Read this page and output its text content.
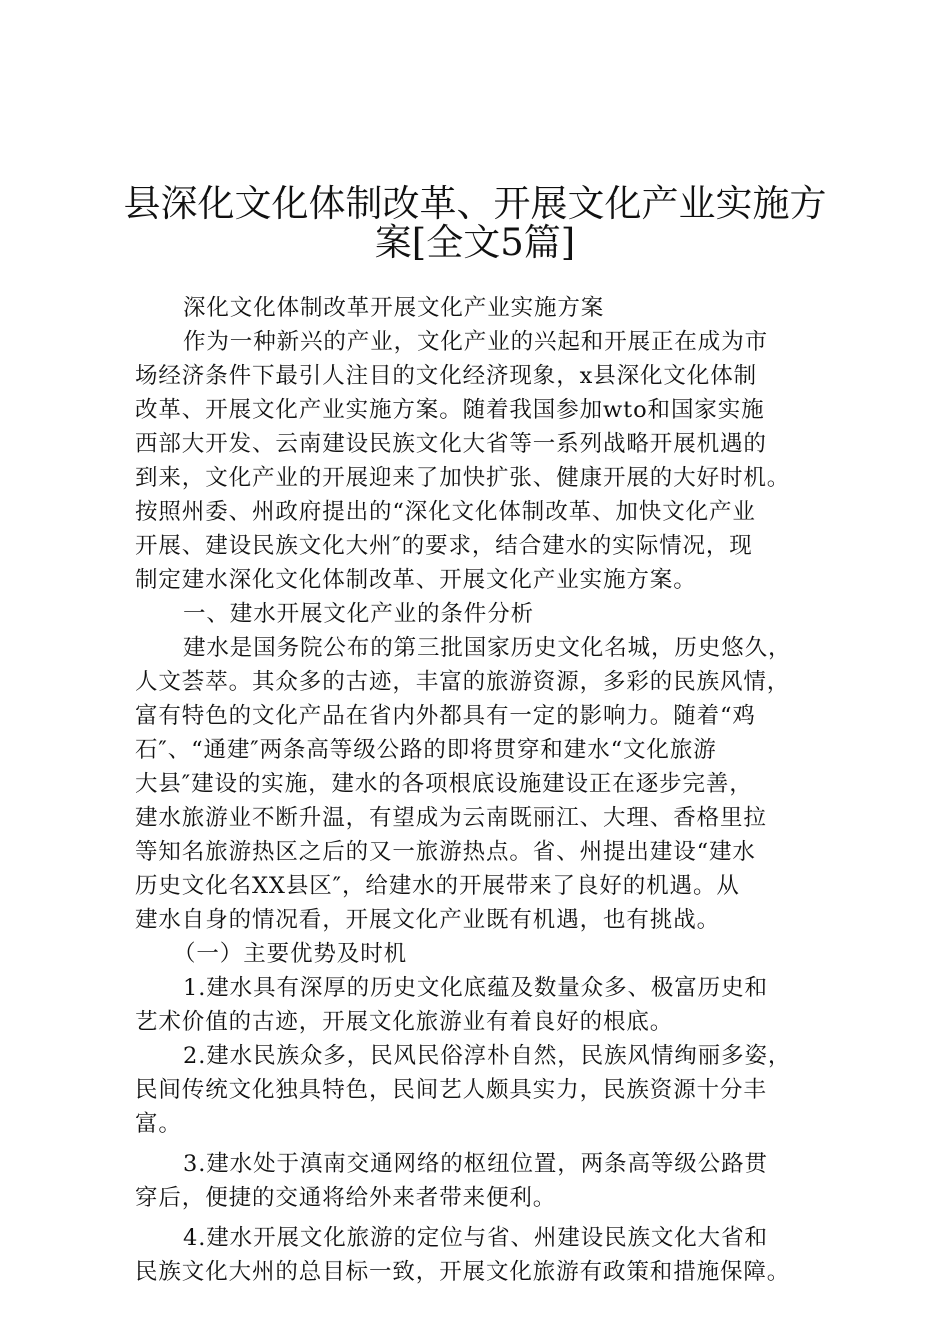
县深化文化体制改革、开展文化产业实施方
案[全文5篇]
深化文化体制改革开展文化产业实施方案
作为一种新兴的产业，文化产业的兴起和开展正在成为市
场经济条件下最引人注目的文化经济现象，x县深化文化体制
改革、开展文化产业实施方案。随着我国参加wto和国家实施
西部大开发、云南建设民族文化大省等一系列战略开展机遇的
到来，文化产业的开展迎来了加快扩张、健康开展的大好时机。
按照州委、州政府提出的“深化文化体制改革、加快文化产业
开展、建设民族文化大州″的要求，结合建水的实际情况，现
制定建水深化文化体制改革、开展文化产业实施方案。
一、建水开展文化产业的条件分析
建水是国务院公布的第三批国家历史文化名城，历史悠久，
人文荟萃。其众多的古迹，丰富的旅游资源，多彩的民族风情，
富有特色的文化产品在省内外都具有一定的影响力。随着“鸡
石″、“通建″两条高等级公路的即将贯穿和建水“文化旅游
大县″建设的实施，建水的各项根底设施建设正在逐步完善，
建水旅游业不断升温，有望成为云南既丽江、大理、香格里拉
等知名旅游热区之后的又一旅游热点。省、州提出建设“建水
历史文化名XX县区″，给建水的开展带来了良好的机遇。从
建水自身的情况看，开展文化产业既有机遇，也有挑战。
（一）主要优势及时机
1.建水具有深厚的历史文化底蕴及数量众多、极富历史和
艺术价值的古迹，开展文化旅游业有着良好的根底。
2.建水民族众多，民风民俗淳朴自然，民族风情绚丽多姿，
民间传统文化独具特色，民间艺人颇具实力，民族资源十分丰
富。
3.建水处于滇南交通网络的枢纽位置，两条高等级公路贯
穿后，便捷的交通将给外来者带来便利。
4.建水开展文化旅游的定位与省、州建设民族文化大省和
民族文化大州的总目标一致，开展文化旅游有政策和措施保障。
